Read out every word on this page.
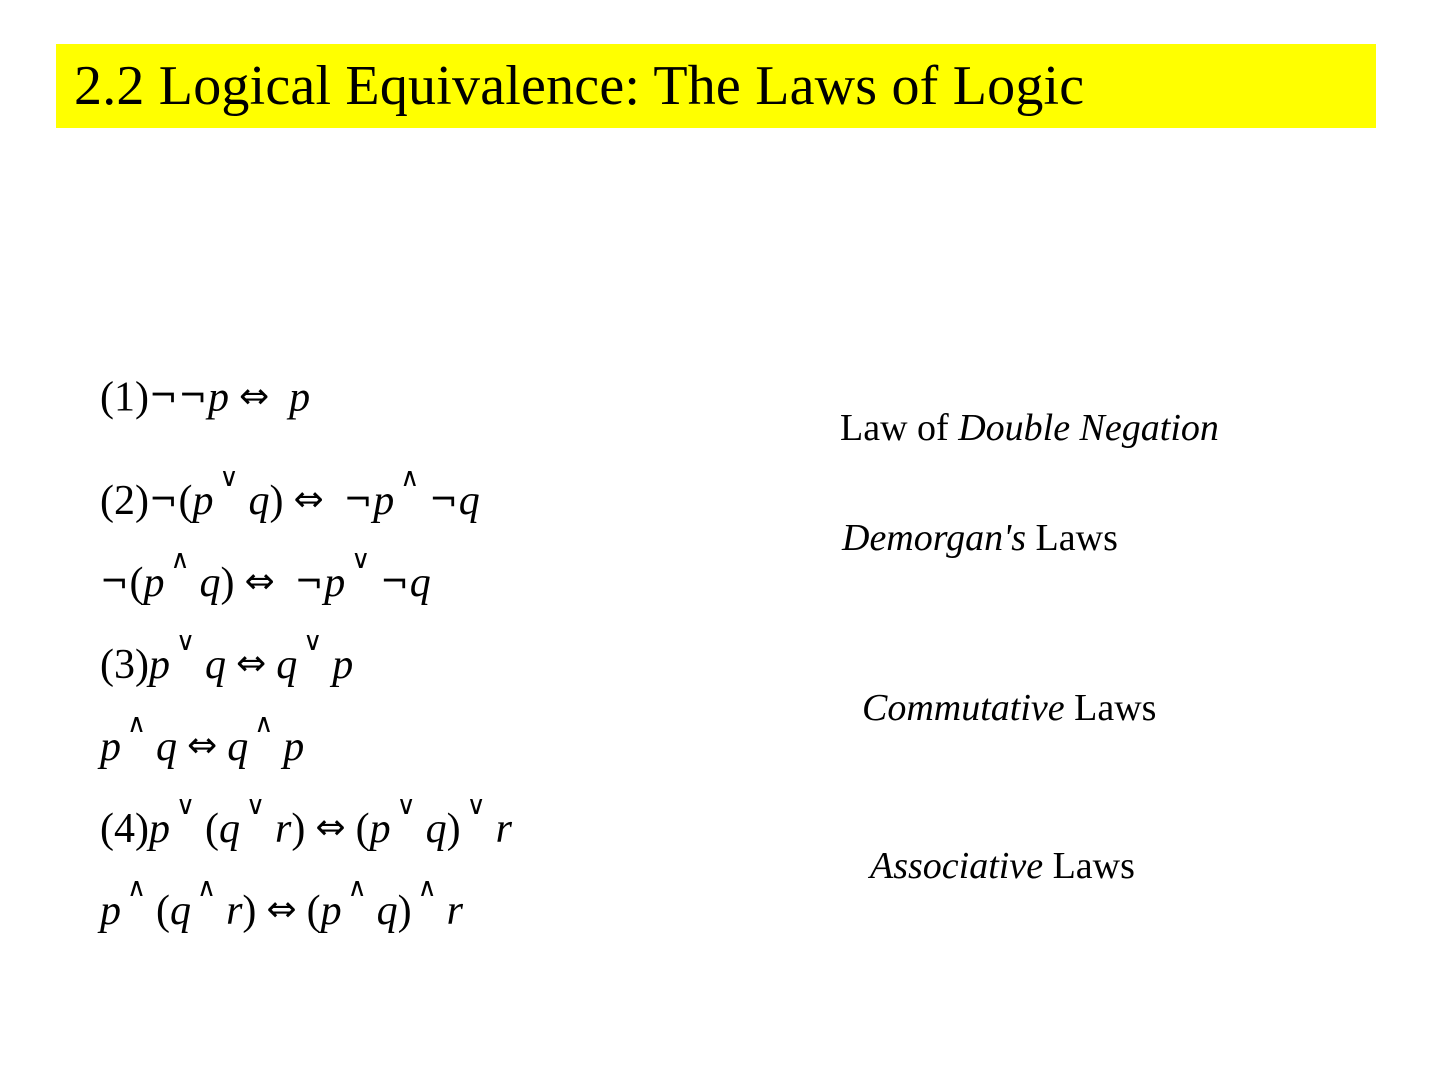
2.2 Logical Equivalence: The Laws of Logic
(1)¬¬p ⇔ p
(2)¬(p ∨ q) ⇔ ¬p ∧¬q
¬(p ∧ q) ⇔ ¬p ∨¬q
(3)p ∨ q ⇔ q ∨ p
p ∧ q ⇔ q ∧ p
(4)p ∨ (q ∨ r) ⇔ (p ∨ q) ∨ r
p ∧ (q ∧ r) ⇔ (p ∧ q) ∧ r
Law of Double Negation
Demorgan's Laws
Commutative Laws
Associative Laws
